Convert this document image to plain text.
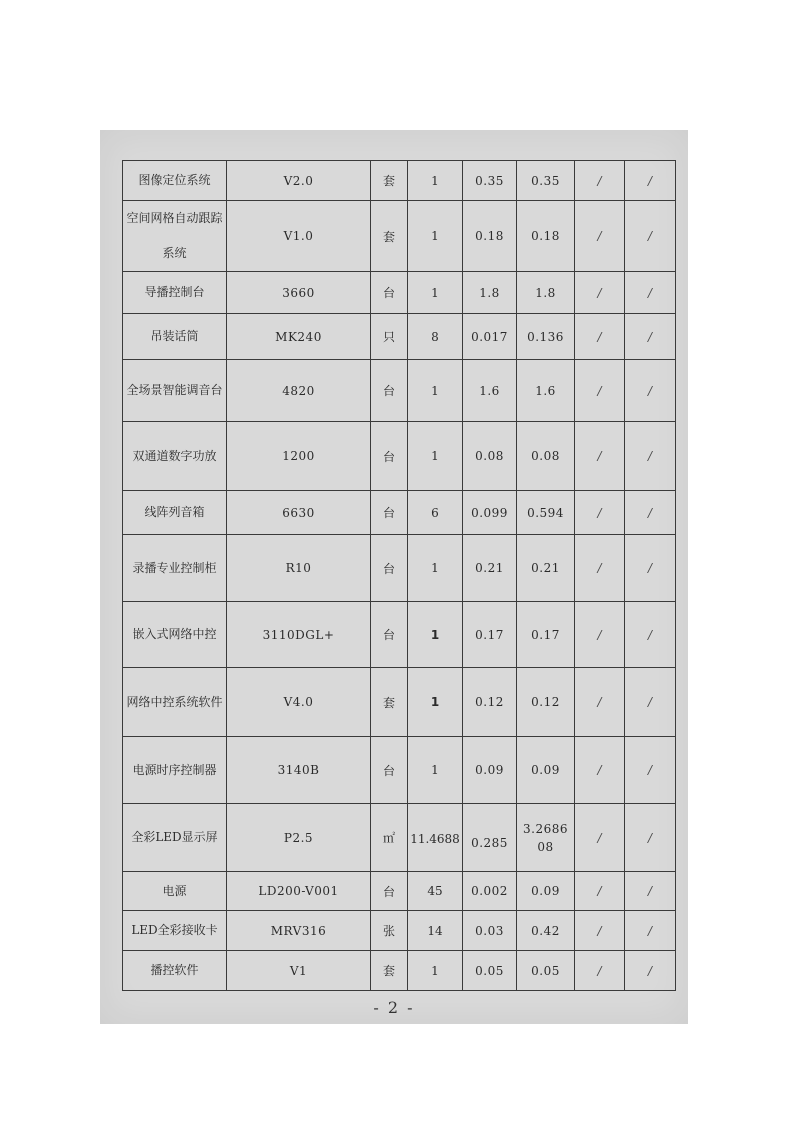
图像定位系统	V2.0	套	1	0.35	0.35	/	/
空间网格自动跟踪系统	V1.0	套	1	0.18	0.18	/	/
导播控制台	3660	台	1	1.8	1.8	/	/
吊装话筒	MK240	只	8	0.017	0.136	/	/
全场景智能调音台	4820	台	1	1.6	1.6	/	/
双通道数字功放	1200	台	1	0.08	0.08	/	/
线阵列音箱	6630	台	6	0.099	0.594	/	/
录播专业控制柜	R10	台	1	0.21	0.21	/	/
嵌入式网络中控	3110DGL+	台	1	0.17	0.17	/	/
网络中控系统软件	V4.0	套	1	0.12	0.12	/	/
电源时序控制器	3140B	台	1	0.09	0.09	/	/
全彩LED显示屏	P2.5	㎡	11.4688	0.285	3.268608	/	/
电源	LD200-V001	台	45	0.002	0.09	/	/
LED全彩接收卡	MRV316	张	14	0.03	0.42	/	/
播控软件	V1	套	1	0.05	0.05	/	/
- 2 -
